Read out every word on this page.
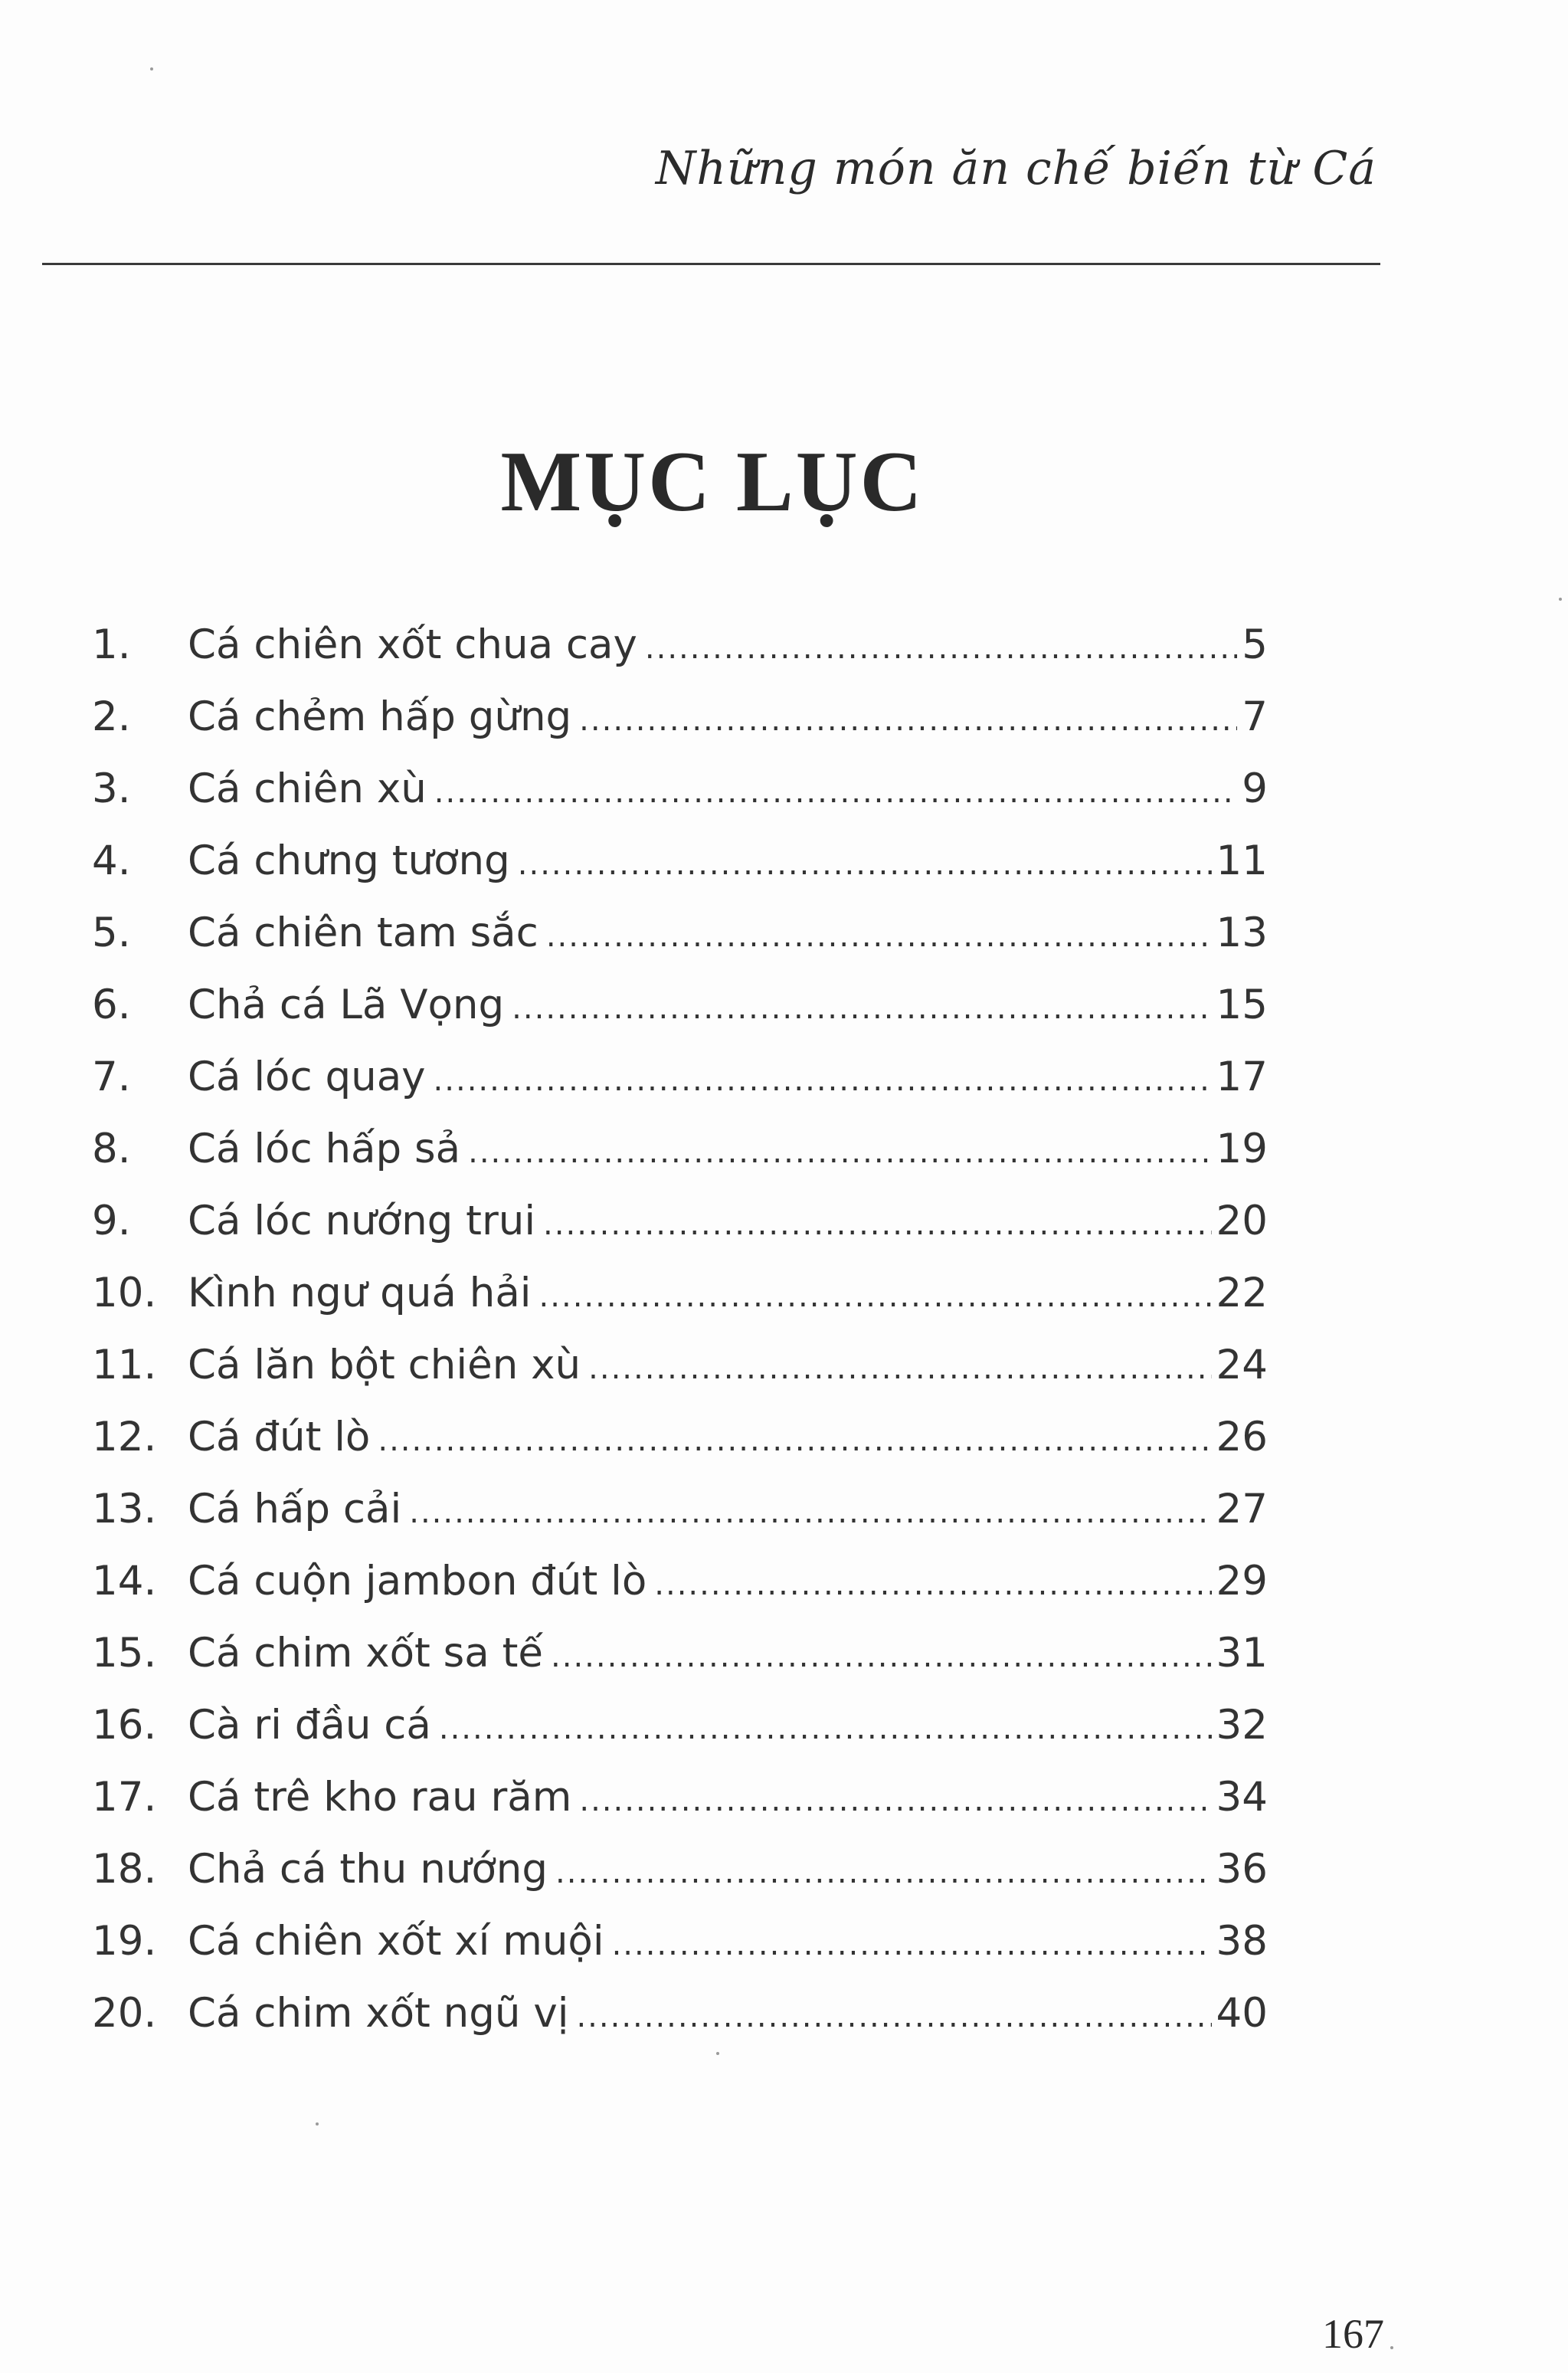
Những món ăn chế biến từ Cá
MỤC LỤC
1.	Cá chiên xốt chua cay .....	5
2.	Cá chẻm hấp gừng .....	7
3.	Cá chiên xù .....	9
4.	Cá chưng tương .....	11
5.	Cá chiên tam sắc .....	13
6.	Chả cá Lã Vọng .....	15
7.	Cá lóc quay .....	17
8.	Cá lóc hấp sả .....	19
9.	Cá lóc nướng trui .....	20
10. Kình ngư quá hải .....	22
11. Cá lăn bột chiên xù .....	24
12. Cá đút lò .....	26
13. Cá hấp cải .....	27
14. Cá cuộn jambon đút lò .....	29
15. Cá chim xốt sa tế .....	31
16. Cà ri đầu cá .....	32
17. Cá trê kho rau răm .....	34
18. Chả cá thu nướng .....	36
19. Cá chiên xốt xí muội .....	38
20. Cá chim xốt ngũ vị .....	40
167
